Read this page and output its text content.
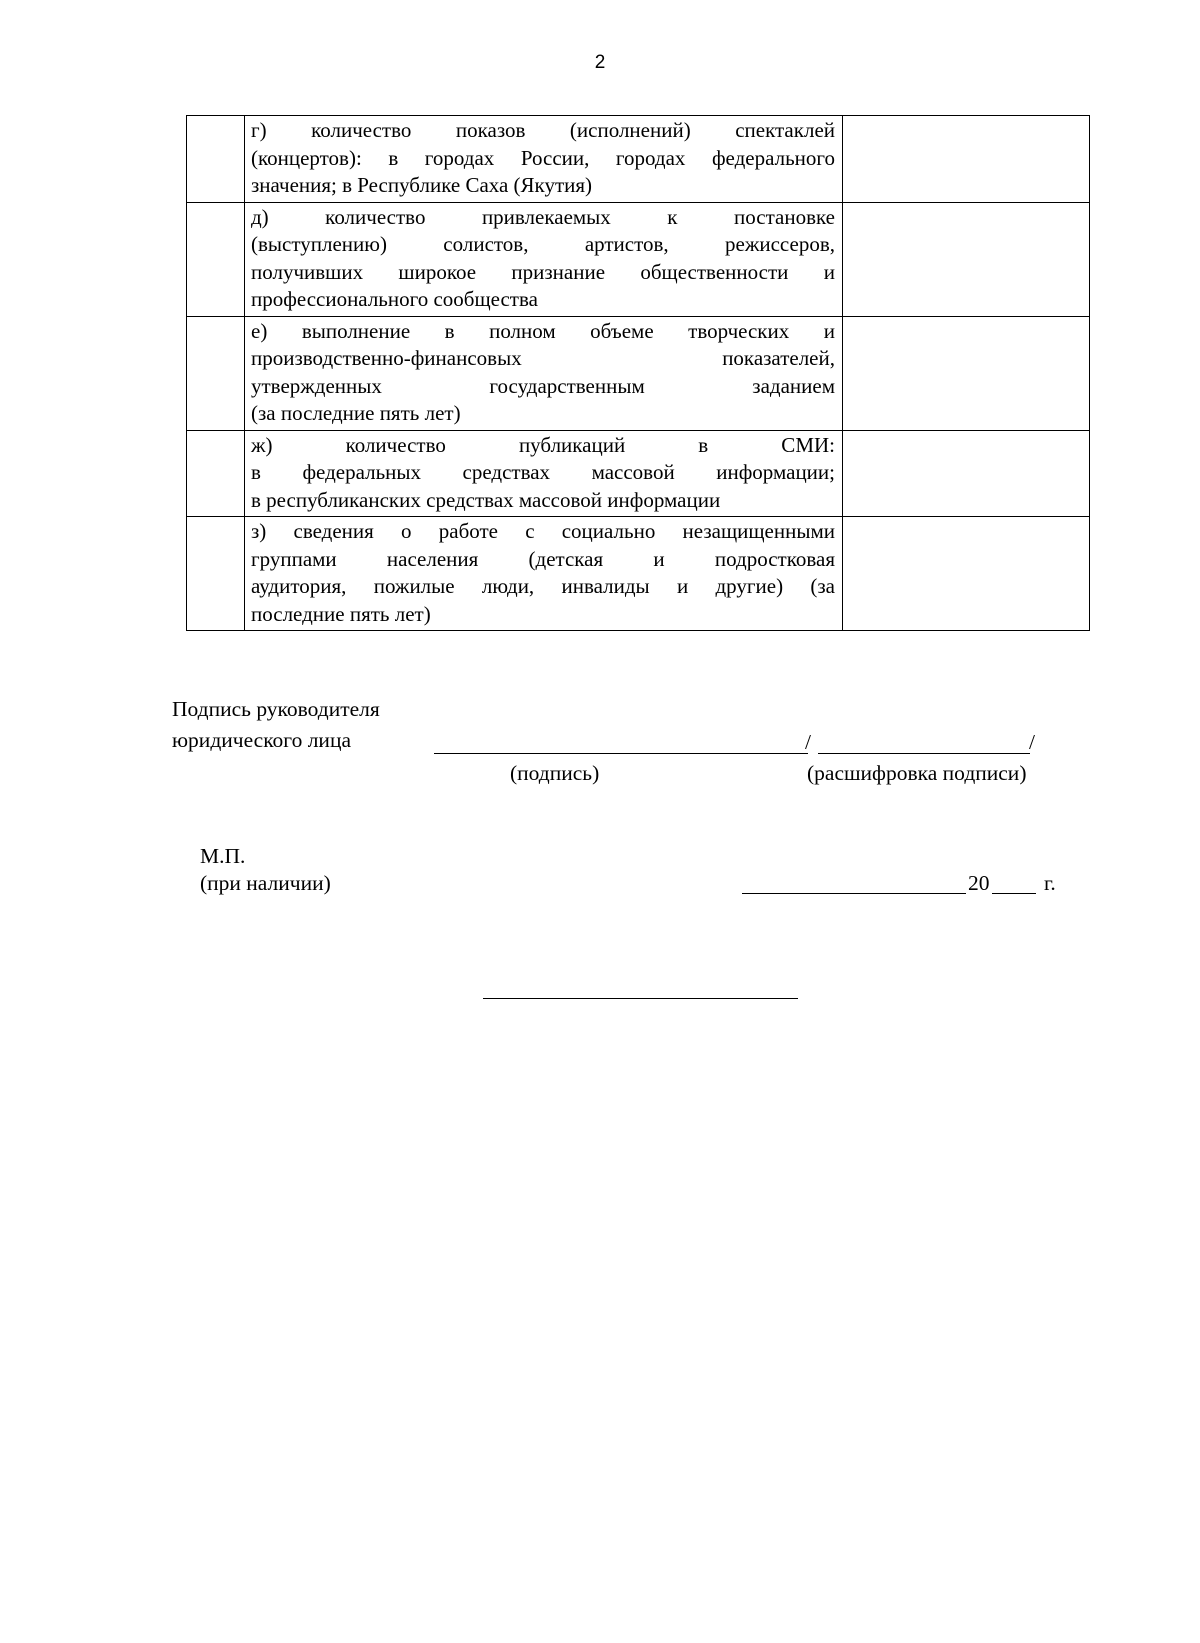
2

	г) количество показов (исполнений) спектаклей
(концертов): в городах России, городах федерального
значения; в Республике Саха (Якутия)	

	д) количество привлекаемых к постановке
(выступлению) солистов, артистов, режиссеров,
получивших широкое признание общественности и
профессионального сообщества	

	е) выполнение в полном объеме творческих и
производственно-финансовых показателей,
утвержденных государственным заданием
(за последние пять лет)	

	ж) количество публикаций в СМИ:
в федеральных средствах массовой информации;
в республиканских средствах массовой информации	

	з) сведения о работе с социально незащищенными
группами населения (детская и подростковая
аудитория, пожилые люди, инвалиды и другие) (за
последние пять лет)	

Подпись руководителя
юридического лица	/	/
(подпись)	(расшифровка подписи)
М.П.
(при наличии)	20	г.
